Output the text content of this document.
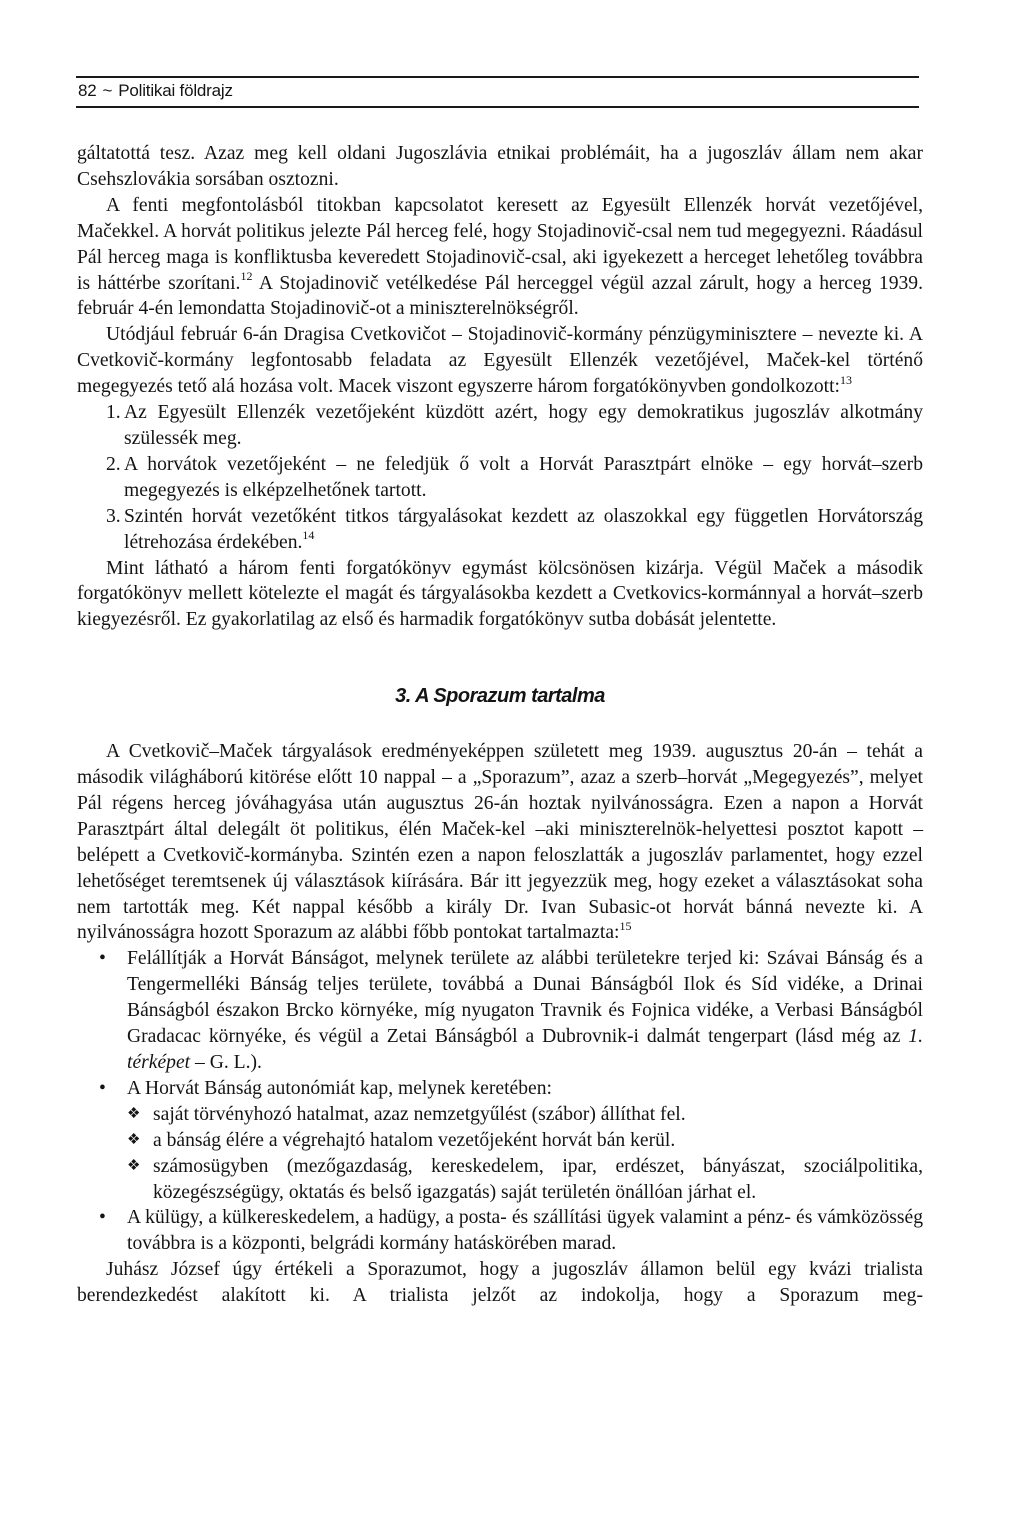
82 ~ Politikai földrajz

gáltatottá tesz. Azaz meg kell oldani Jugoszlávia etnikai problémáit, ha a jugoszláv állam nem akar Csehszlovákia sorsában osztozni.

A fenti megfontolásból titokban kapcsolatot keresett az Egyesült Ellenzék horvát vezetőjével, Mačekkel. A horvát politikus jelezte Pál herceg felé, hogy Stojadinovič-csal nem tud megegyezni. Ráadásul Pál herceg maga is konfliktusba keveredett Stojadinovič-csal, aki igyekezett a herceget lehetőleg továbbra is háttérbe szorítani.$^{12}$ A Stojadinovič vetélkedése Pál herceggel végül azzal zárult, hogy a herceg 1939. február 4-én lemondatta Stojadinovič-ot a miniszterelnökségről.

Utódjául február 6-án Dragisa Cvetkovičot – Stojadinovič-kormány pénzügyminisztere – nevezte ki. A Cvetkovič-kormány legfontosabb feladata az Egyesült Ellenzék vezetőjével, Maček-kel történő megegyezés tető alá hozása volt. Macek viszont egyszerre három forgatókönyvben gondolkozott:$^{13}$

1. Az Egyesült Ellenzék vezetőjeként küzdött azért, hogy egy demokratikus jugoszláv alkotmány szülessék meg.
2. A horvátok vezetőjeként – ne feledjük ő volt a Horvát Parasztpárt elnöke – egy horvát–szerb megegyezés is elképzelhetőnek tartott.
3. Szintén horvát vezetőként titkos tárgyalásokat kezdett az olaszokkal egy független Horvátország létrehozása érdekében.$^{14}$

Mint látható a három fenti forgatókönyv egymást kölcsönösen kizárja. Végül Maček a második forgatókönyv mellett kötelezte el magát és tárgyalásokba kezdett a Cvetkovics-kormánnyal a horvát–szerb kiegyezésről. Ez gyakorlatilag az első és harmadik forgatókönyv sutba dobását jelentette.

3. A Sporazum tartalma

A Cvetkovič–Maček tárgyalások eredményeképpen született meg 1939. augusztus 20-án – tehát a második világháború kitörése előtt 10 nappal – a „Sporazum”, azaz a szerb–horvát „Megegyezés”, melyet Pál régens herceg jóváhagyása után augusztus 26-án hoztak nyilvánosságra. Ezen a napon a Horvát Parasztpárt által delegált öt politikus, élén Maček-kel –aki miniszterelnök-helyettesi posztot kapott – belépett a Cvetkovič-kormányba. Szintén ezen a napon feloszlatták a jugoszláv parlamentet, hogy ezzel lehetőséget teremtsenek új választások kiírására. Bár itt jegyezzük meg, hogy ezeket a választásokat soha nem tartották meg. Két nappal később a király Dr. Ivan Subasic-ot horvát bánná nevezte ki. A nyilvánosságra hozott Sporazum az alábbi főbb pontokat tartalmazta:$^{15}$

• Felállítják a Horvát Bánságot, melynek területe az alábbi területekre terjed ki: Szávai Bánság és a Tengermelléki Bánság teljes területe, továbbá a Dunai Bánságból Ilok és Síd vidéke, a Drinai Bánságból északon Brcko környéke, míg nyugaton Travnik és Fojnica vidéke, a Verbasi Bánságból Gradacac környéke, és végül a Zetai Bánságból a Dubrovnik-i dalmát tengerpart (lásd még az 1. térképet – G. L.).
• A Horvát Bánság autonómiát kap, melynek keretében:
❖ saját törvényhozó hatalmat, azaz nemzetgyűlést (szábor) állíthat fel.
❖ a bánság élére a végrehajtó hatalom vezetőjeként horvát bán kerül.
❖ számosügyben (mezőgazdaság, kereskedelem, ipar, erdészet, bányászat, szociálpolitika, közegészségügy, oktatás és belső igazgatás) saját területén önállóan járhat el.
• A külügy, a külkereskedelem, a hadügy, a posta- és szállítási ügyek valamint a pénz- és vámközösség továbbra is a központi, belgrádi kormány hatáskörében marad.

Juhász József úgy értékeli a Sporazumot, hogy a jugoszláv államon belül egy kvázi trialista berendezkedést alakított ki. A trialista jelzőt az indokolja, hogy a Sporazum meg-
